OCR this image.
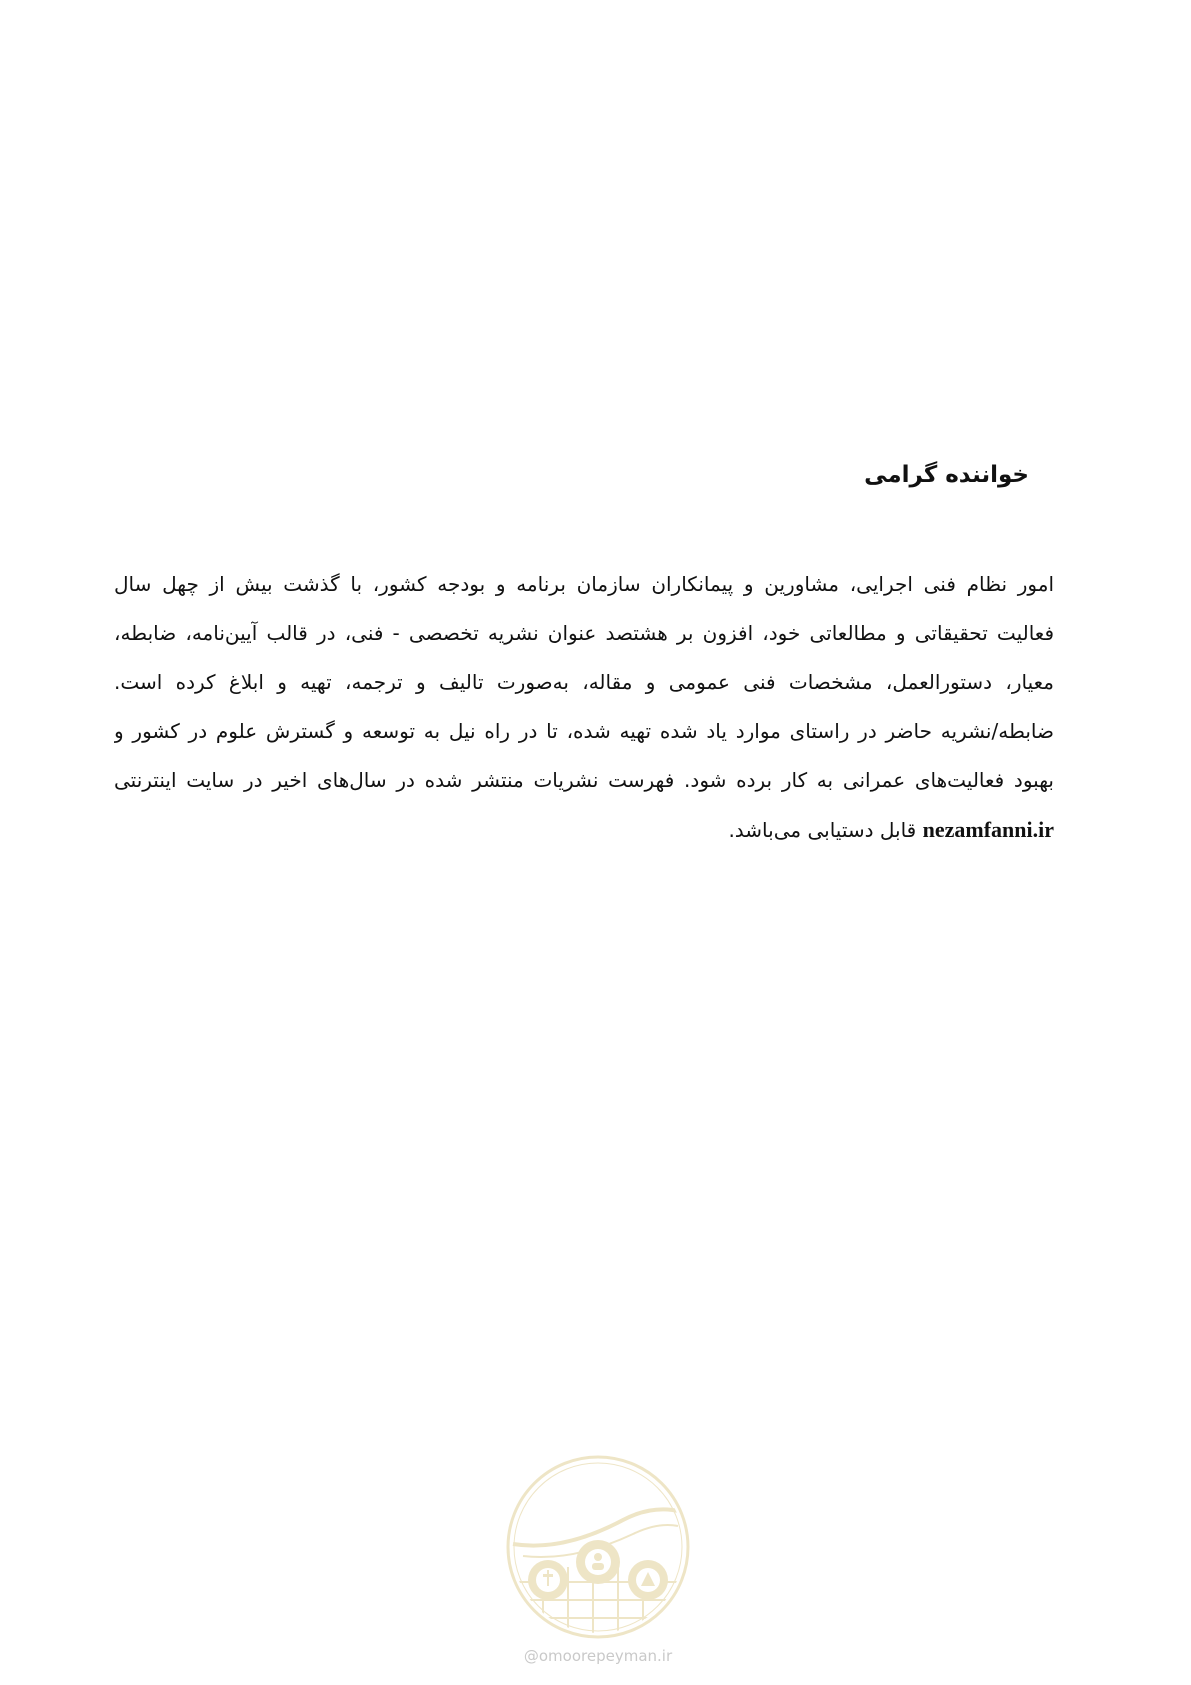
خواننده گرامی
امور نظام فنی اجرایی، مشاورین و پیمانکاران سازمان برنامه و بودجه کشور، با گذشت بیش از چهل سال
فعالیت تحقیقاتی و مطالعاتی خود، افزون بر هشتصد عنوان نشریه تخصصی - فنی، در قالب آیین‌نامه، ضابطه،
معیار، دستورالعمل، مشخصات فنی عمومی و مقاله، به‌صورت تالیف و ترجمه، تهیه و ابلاغ کرده است.
ضابطه/نشریه حاضر در راستای موارد یاد شده تهیه شده، تا در راه نیل به توسعه و گسترش علوم در کشور و
بهبود فعالیت‌های عمرانی به کار برده شود. فهرست نشریات منتشر شده در سال‌های اخیر در سایت اینترنتی
nezamfanni.ir قابل دستیابی می‌باشد.
@omoorepeyman.ir
